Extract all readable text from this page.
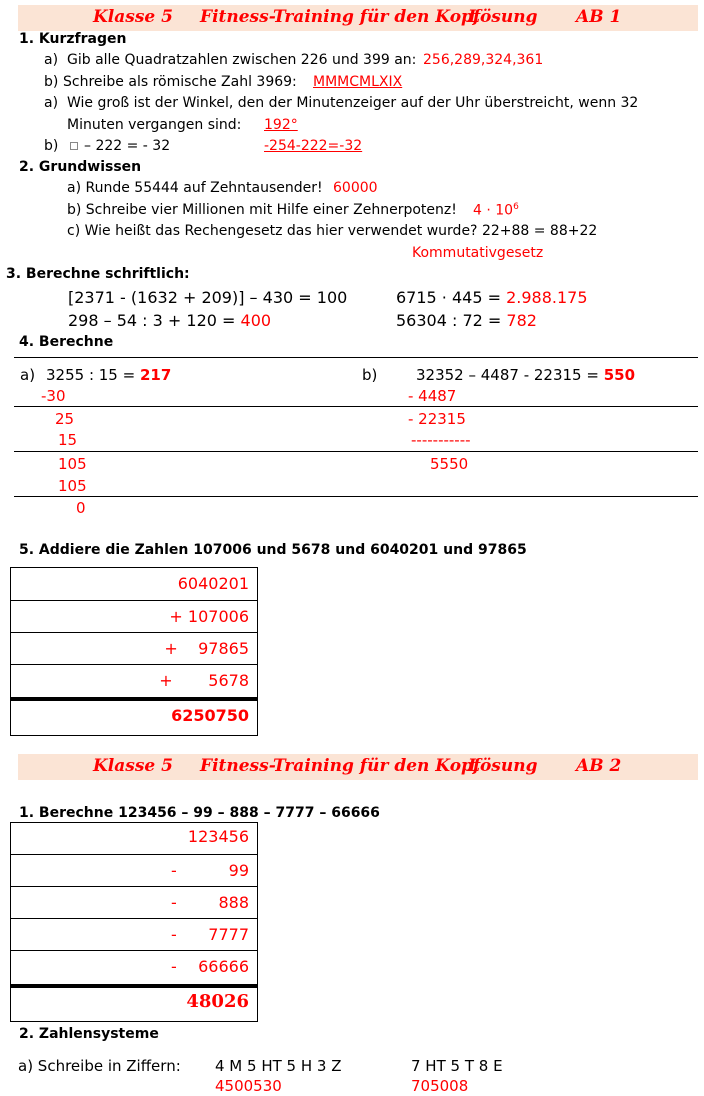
Klasse 5 Fitness-Training für den Kopf
Lösung AB 1
1. Kurzfragen
a) Gib alle Quadratzahlen zwischen 226 und 399 an: 256,289,324,361
b) Schreibe als römische Zahl 3969: MMMCMLXIX
a) Wie groß ist der Winkel, den der Minutenzeiger auf der Uhr überstreicht, wenn 32
Minuten vergangen sind: 192°
b)	– 222 = - 32	-254-222=-32
2. Grundwissen
a) Runde 55444 auf Zehntausender! 60000
b) Schreibe vier Millionen mit Hilfe einer Zehnerpotenz! $4 \cdot 10^6$
c) Wie heißt das Rechengesetz das hier verwendet wurde? 22+88 = 88+22
Kommutativgesetz
3. Berechne schriftlich:
[2371 - (1632 + 209)] – 430 = 100	6715 · 445 = 2.988.175
298 – 54 : 3 + 120 = 400	56304 : 72 = 782
4. Berechne
a) 3255 : 15 = 217
-30
25
15
105
105
0
b)	32352 – 4487 - 22315 = 550
- 4487
- 22315
-----------
5550
5. Addiere die Zahlen 107006 und 5678 und 6040201 und 97865
6040201
+ 107006
+    97865
+       5678
6250750
Klasse 5 Fitness-Training für den Kopf
Lösung AB 2
1. Berechne 123456 – 99 – 888 – 7777 – 66666
123456
-	99
-	888
- 7777
- 66666
48026
2. Zahlensysteme
a) Schreibe in Ziffern: 4 M 5 HT 5 H 3 Z
4500530
7 HT 5 T 8 E
705008
